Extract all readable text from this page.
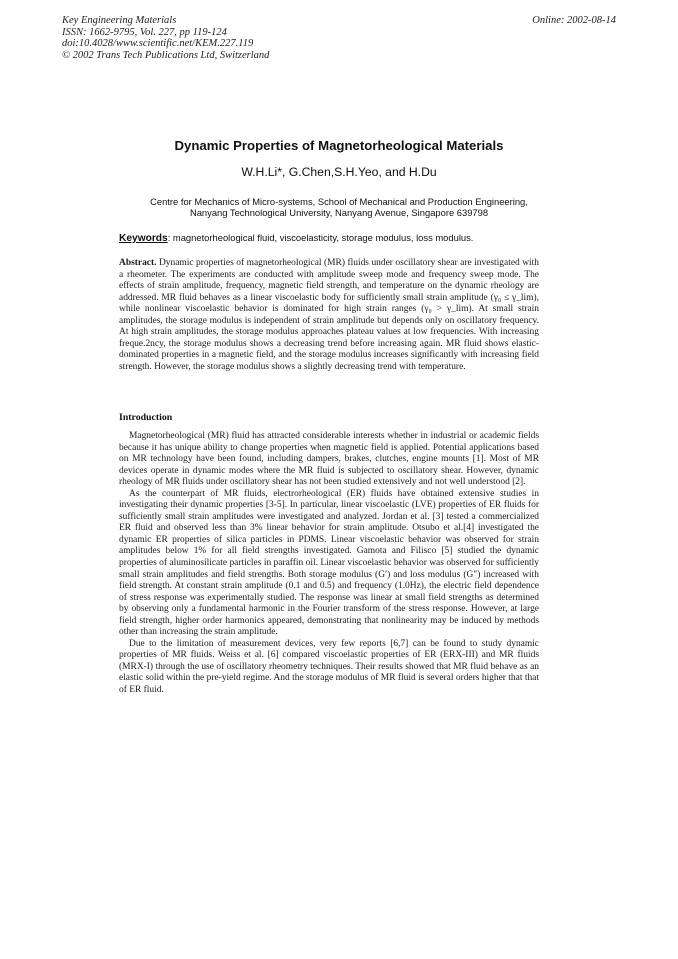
Key Engineering Materials
ISSN: 1662-9795, Vol. 227, pp 119-124
doi:10.4028/www.scientific.net/KEM.227.119
© 2002 Trans Tech Publications Ltd, Switzerland
Online: 2002-08-14
Dynamic Properties of Magnetorheological Materials
W.H.Li*, G.Chen,S.H.Yeo, and H.Du
Centre for Mechanics of Micro-systems, School of Mechanical and Production Engineering,
Nanyang Technological University, Nanyang Avenue, Singapore 639798
Keywords: magnetorheological fluid, viscoelasticity, storage modulus, loss modulus.

Abstract. Dynamic properties of magnetorheological (MR) fluids under oscillatory shear are investigated with a rheometer. The experiments are conducted with amplitude sweep mode and frequency sweep mode. The effects of strain amplitude, frequency, magnetic field strength, and temperature on the dynamic rheology are addressed. MR fluid behaves as a linear viscoelastic body for sufficiently small strain amplitude (γ₀ ≤ γ_lim), while nonlinear viscoelastic behavior is dominated for high strain ranges (γ₀ > γ_lim). At small strain amplitudes, the storage modulus is independent of strain amplitude but depends only on oscillatory frequency. At high strain amplitudes, the storage modulus approaches plateau values at low frequencies. With increasing freque.2ncy, the storage modulus shows a decreasing trend before increasing again. MR fluid shows elastic-dominated properties in a magnetic field, and the storage modulus increases significantly with increasing field strength. However, the storage modulus shows a slightly decreasing trend with temperature.

Introduction

Magnetorheological (MR) fluid has attracted considerable interests whether in industrial or academic fields because it has unique ability to change properties when magnetic field is applied. Potential applications based on MR technology have been found, including dampers, brakes, clutches, engine mounts [1]. Most of MR devices operate in dynamic modes where the MR fluid is subjected to oscillatory shear. However, dynamic rheology of MR fluids under oscillatory shear has not been studied extensively and not well understood [2].

As the counterpart of MR fluids, electrorheological (ER) fluids have obtained extensive studies in investigating their dynamic properties [3-5]. In particular, linear viscoelastic (LVE) properties of ER fluids for sufficiently small strain amplitudes were investigated and analyzed. Jordan et al. [3] tested a commercialized ER fluid and observed less than 3% linear behavior for strain amplitude. Otsubo et al.[4] investigated the dynamic ER properties of silica particles in PDMS. Linear viscoelastic behavior was observed for strain amplitudes below 1% for all field strengths investigated. Gamota and Filisco [5] studied the dynamic properties of aluminosilicate particles in paraffin oil. Linear viscoelastic behavior was observed for sufficiently small strain amplitudes and field strengths. Both storage modulus (G′) and loss modulus (G″) increased with field strength. At constant strain amplitude (0.1 and 0.5) and frequency (1.0Hz), the electric field dependence of stress response was experimentally studied. The response was linear at small field strengths as determined by observing only a fundamental harmonic in the Fourier transform of the stress response. However, at large field strength, higher order harmonics appeared, demonstrating that nonlinearity may be induced by methods other than increasing the strain amplitude.

Due to the limitation of measurement devices, very few reports [6,7] can be found to study dynamic properties of MR fluids. Weiss et al. [6] compared viscoelastic properties of ER (ERX-III) and MR fluids (MRX-I) through the use of oscillatory rheometry techniques. Their results showed that MR fluid behave as an elastic solid within the pre-yield regime. And the storage modulus of MR fluid is several orders higher that that of ER fluid.
